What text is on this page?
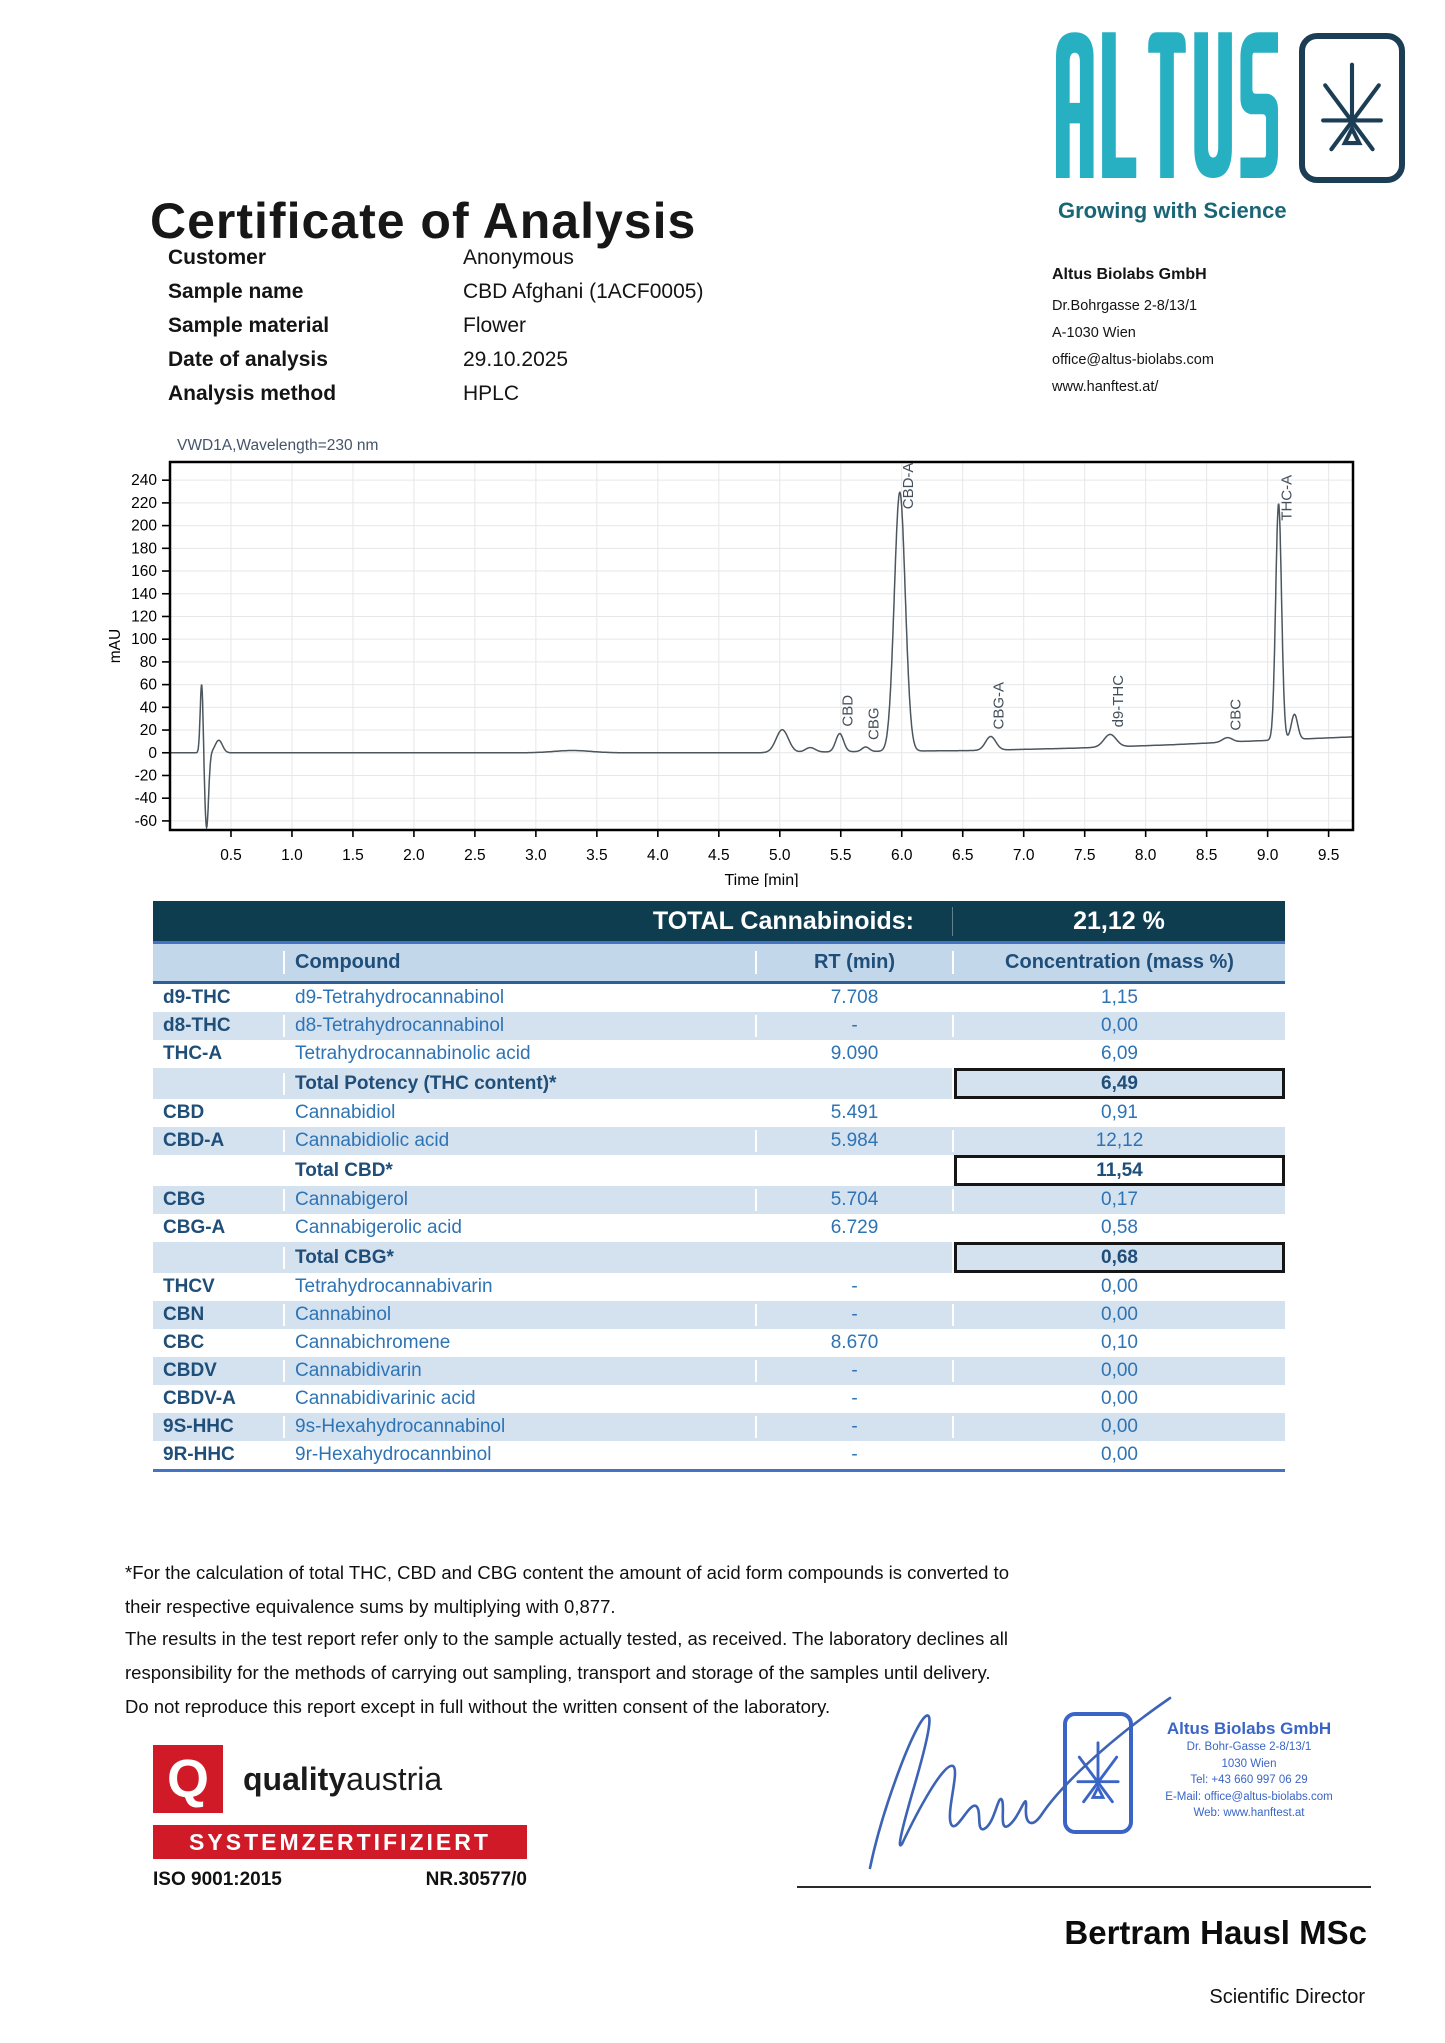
Certificate of Analysis	Growing with Science
Customer	Anonymous
Sample name	CBD Afghani (1ACF0005)
Sample material	Flower
Date of analysis	29.10.2025
Analysis method	HPLC
Altus Biolabs GmbH
Dr.Bohrgasse 2-8/13/1
A-1030 Wien
office@altus-biolabs.com
www.hanftest.at/
-60
-40
-20
0
20
40
60
80
100
120
140
160
180
200
220
240
0.5	1.0	1.5	2.0	2.5	3.0	3.5	4.0	4.5	5.0	5.5	6.0	6.5	7.0	7.5	8.0	8.5	9.0	9.5
Time [min]
mAU
CBD CBG
CBD-A
CBG-A	d9-THC	CBC
THC-A
VWD1A,Wavelength=230 nm
TOTAL Cannabinoids:	21,12 %
Compound	RT (min)	Concentration (mass %)
d9-THC	d9-Tetrahydrocannabinol	7.708	1,15
d8-THC	d8-Tetrahydrocannabinol	-	0,00
THC-A	Tetrahydrocannabinolic acid	9.090	6,09
Total Potency (THC content)*	6,49
CBD	Cannabidiol	5.491	0,91
CBD-A	Cannabidiolic acid	5.984	12,12
Total CBD*	11,54
CBG	Cannabigerol	5.704	0,17
CBG-A	Cannabigerolic acid	6.729	0,58
Total CBG*	0,68
THCV	Tetrahydrocannabivarin	-	0,00
CBN	Cannabinol	-	0,00
CBC	Cannabichromene	8.670	0,10
CBDV	Cannabidivarin	-	0,00
CBDV-A	Cannabidivarinic acid	-	0,00
9S-HHC	9s-Hexahydrocannabinol	-	0,00
9R-HHC	9r-Hexahydrocannbinol	-	0,00
*For the calculation of total THC, CBD and CBG content the amount of acid form compounds is converted to
their respective equivalence sums by multiplying with 0,877.
The results in the test report refer only to the sample actually tested, as received. The laboratory declines all
responsibility for the methods of carrying out sampling, transport and storage of the samples until delivery.
Do not reproduce this report except in full without the written consent of the laboratory.
Q	qualityaustria
SYSTEMZERTIFIZIERT
ISO 9001:2015	NR.30577/0
Altus Biolabs GmbH
Dr. Bohr-Gasse 2-8/13/1
1030 Wien
Tel: +43 660 997 06 29
E-Mail: office@altus-biolabs.com
Web: www.hanftest.at
Bertram Hausl MSc
Scientific Director
